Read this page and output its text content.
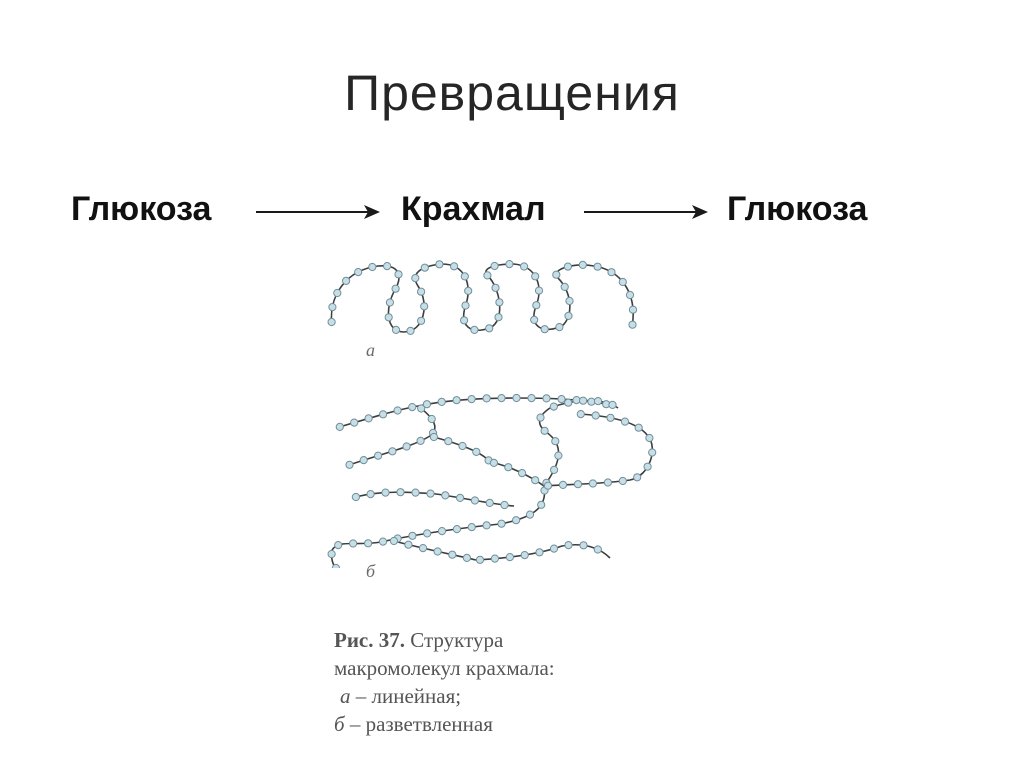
Превращения
Глюкоза	Крахмал	Глюкоза
а
б
Рис. 37. Структура
макромолекул крахмала:
а – линейная;
б – разветвленная
